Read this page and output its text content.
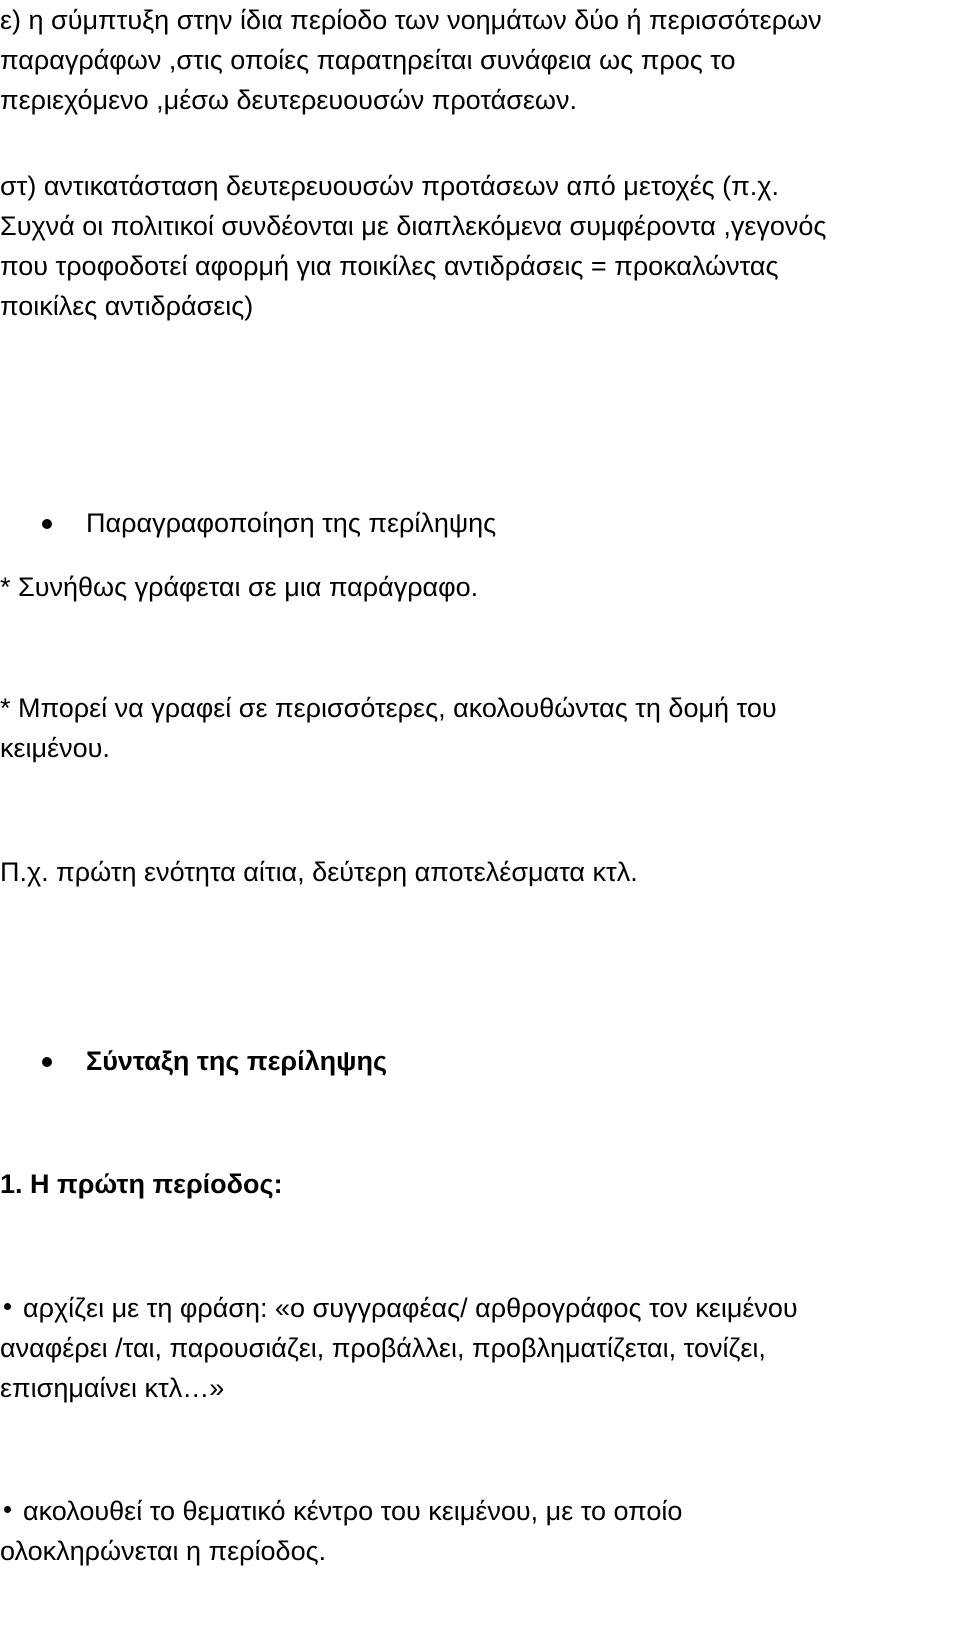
ε) η σύμπτυξη στην ίδια περίοδο των νοημάτων δύο ή περισσότερων
παραγράφων ,στις οποίες παρατηρείται συνάφεια ως προς το
περιεχόμενο ,μέσω δευτερευουσών προτάσεων.
στ) αντικατάσταση δευτερευουσών προτάσεων από μετοχές (π.χ.
Συχνά οι πολιτικοί συνδέονται με διαπλεκόμενα συμφέροντα ,γεγονός
που τροφοδοτεί αφορμή για ποικίλες αντιδράσεις = προκαλώντας
ποικίλες αντιδράσεις)
Παραγραφοποίηση της περίληψης
* Συνήθως γράφεται σε μια παράγραφο.
* Μπορεί να γραφεί σε περισσότερες, ακολουθώντας τη δομή του
κειμένου.
Π.χ. πρώτη ενότητα αίτια, δεύτερη αποτελέσματα κτλ.
Σύνταξη της περίληψης
1. Η πρώτη περίοδος:
αρχίζει με τη φράση: «ο συγγραφέας/ αρθρογράφος τον κειμένου
αναφέρει /ται, παρουσιάζει, προβάλλει, προβληματίζεται, τονίζει,
επισημαίνει κτλ…»
ακολουθεί το θεματικό κέντρο του κειμένου, με το οποίο
ολοκληρώνεται η περίοδος.
